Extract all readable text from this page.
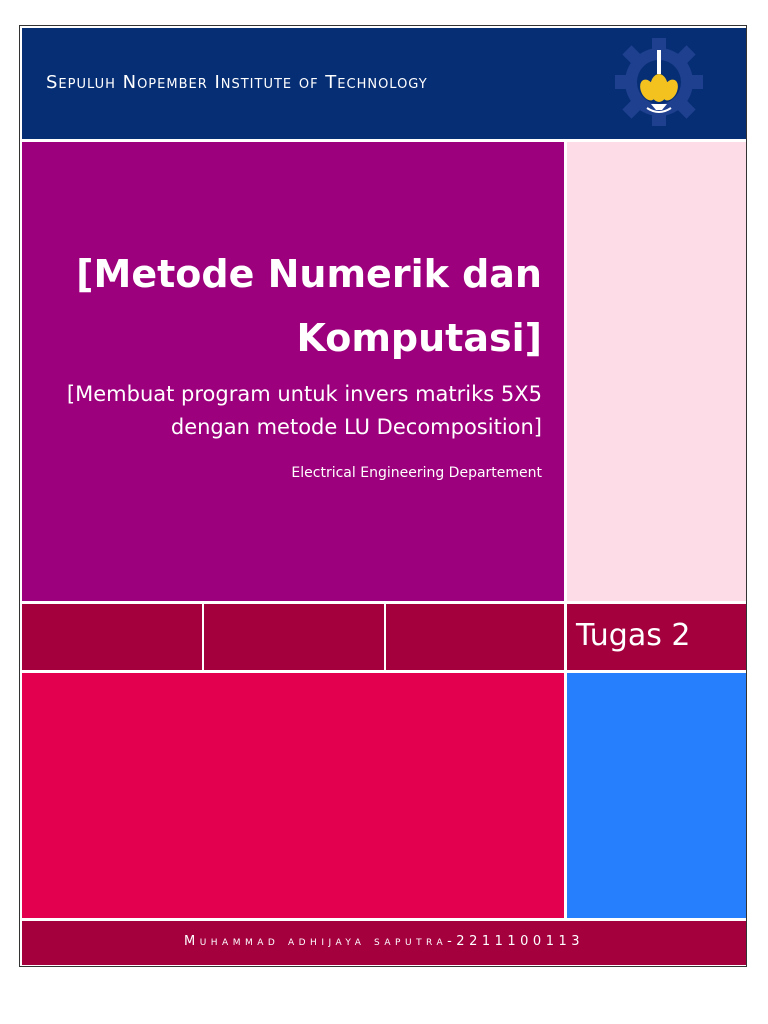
Sepuluh Nopember Institute of Technology
[Metode Numerik dan Komputasi]
[Membuat program untuk invers matriks 5X5 dengan metode LU Decomposition]
Electrical Engineering Departement
Tugas 2
Muhammad adhijaya saputra-2211100113
